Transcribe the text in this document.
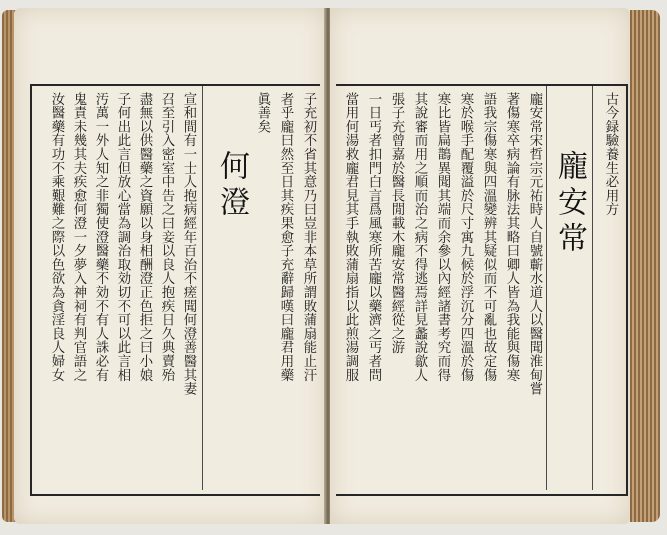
古今録驗養生必用方
龐安常
龐安常宋哲宗元祐時人自號蘄水道人以醫聞淮甸嘗
著傷寒卒病論有脉法其略曰卿人皆為我能與傷寒
語我宗傷寒與四溫變辨其疑似而不可亂也故定傷
寒於喉手配覆溢於尺寸寓九候於浮沉分四溫於傷
寒比皆扁鵲異聞其端而余參以內經諸書考究而得
其說審而用之順而治之病不得逃焉詳見蠡說歙人
張子充曾嘉於醫長閒載木龐安常醫經從之游
一日丐者扣門白言爲風寒所苦龐以藥濟之丐者問
當用何湯救龐君見其手執敗蒲扇指以此煎湯調服
子充初不省其意乃曰豈非本草所謂敗蒲扇能止汗
者乎龐曰然至日其疾果愈子充辭歸嘆曰龐君用藥
眞善矣
何澄
宣和間有一士人抱病經年百治不瘥聞何澄善醫其妻
召至引入密室中告之曰妾以良人抱疾日久典賣殆
盡無以供醫藥之資願以身相酬澄正色拒之曰小娘
子何出此言但放心當為調治取効切不可以此言相
汚萬一外人知之非獨使澄醫藥不効不有人誅必有
鬼責未幾其夫疾愈何澄一夕夢入神祠有判官語之
汝醫藥有功不乘艱難之際以色欲為貪淫良人婦女
